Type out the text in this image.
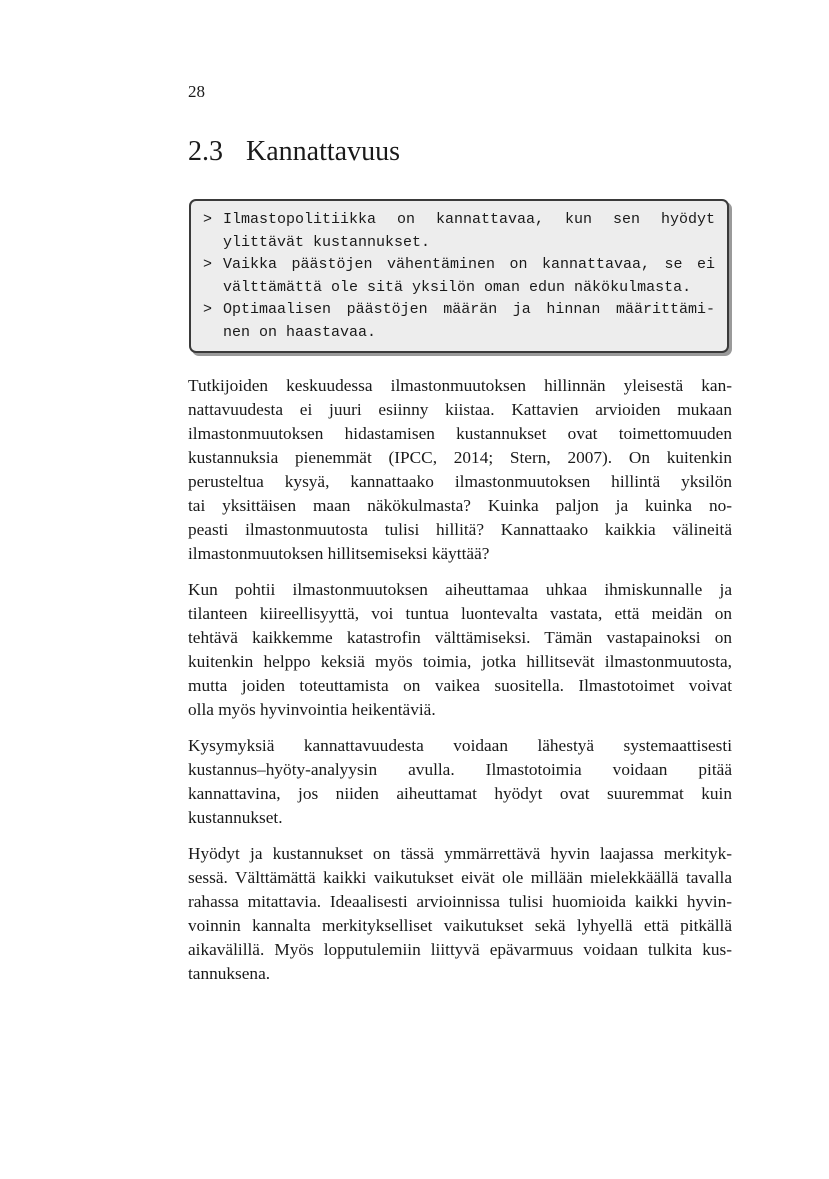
28
2.3 Kannattavuus
> Ilmastopolitiikka on kannattavaa, kun sen hyödyt
ylittävät kustannukset.
> Vaikka päästöjen vähentäminen on kannattavaa, se ei
välttämättä ole sitä yksilön oman edun näkökulmasta.
> Optimaalisen päästöjen määrän ja hinnan määrittämi-
nen on haastavaa.
Tutkijoiden keskuudessa ilmastonmuutoksen hillinnän yleisestä kan-
nattavuudesta ei juuri esiinny kiistaa. Kattavien arvioiden mukaan
ilmastonmuutoksen hidastamisen kustannukset ovat toimettomuuden
kustannuksia pienemmät (IPCC, 2014; Stern, 2007). On kuitenkin
perusteltua kysyä, kannattaako ilmastonmuutoksen hillintä yksilön
tai yksittäisen maan näkökulmasta? Kuinka paljon ja kuinka no-
peasti ilmastonmuutosta tulisi hillitä? Kannattaako kaikkia välineitä
ilmastonmuutoksen hillitsemiseksi käyttää?
Kun pohtii ilmastonmuutoksen aiheuttamaa uhkaa ihmiskunnalle ja
tilanteen kiireellisyyttä, voi tuntua luontevalta vastata, että meidän on
tehtävä kaikkemme katastrofin välttämiseksi. Tämän vastapainoksi on
kuitenkin helppo keksiä myös toimia, jotka hillitsevät ilmastonmuutosta,
mutta joiden toteuttamista on vaikea suositella. Ilmastotoimet voivat
olla myös hyvinvointia heikentäviä.
Kysymyksiä kannattavuudesta voidaan lähestyä systemaattisesti
kustannus–hyöty-analyysin avulla. Ilmastotoimia voidaan pitää
kannattavina, jos niiden aiheuttamat hyödyt ovat suuremmat kuin
kustannukset.
Hyödyt ja kustannukset on tässä ymmärrettävä hyvin laajassa merkityk-
sessä. Välttämättä kaikki vaikutukset eivät ole millään mielekkäällä tavalla
rahassa mitattavia. Ideaalisesti arvioinnissa tulisi huomioida kaikki hyvin-
voinnin kannalta merkitykselliset vaikutukset sekä lyhyellä että pitkällä
aikavälillä. Myös lopputulemiin liittyvä epävarmuus voidaan tulkita kus-
tannuksena.
